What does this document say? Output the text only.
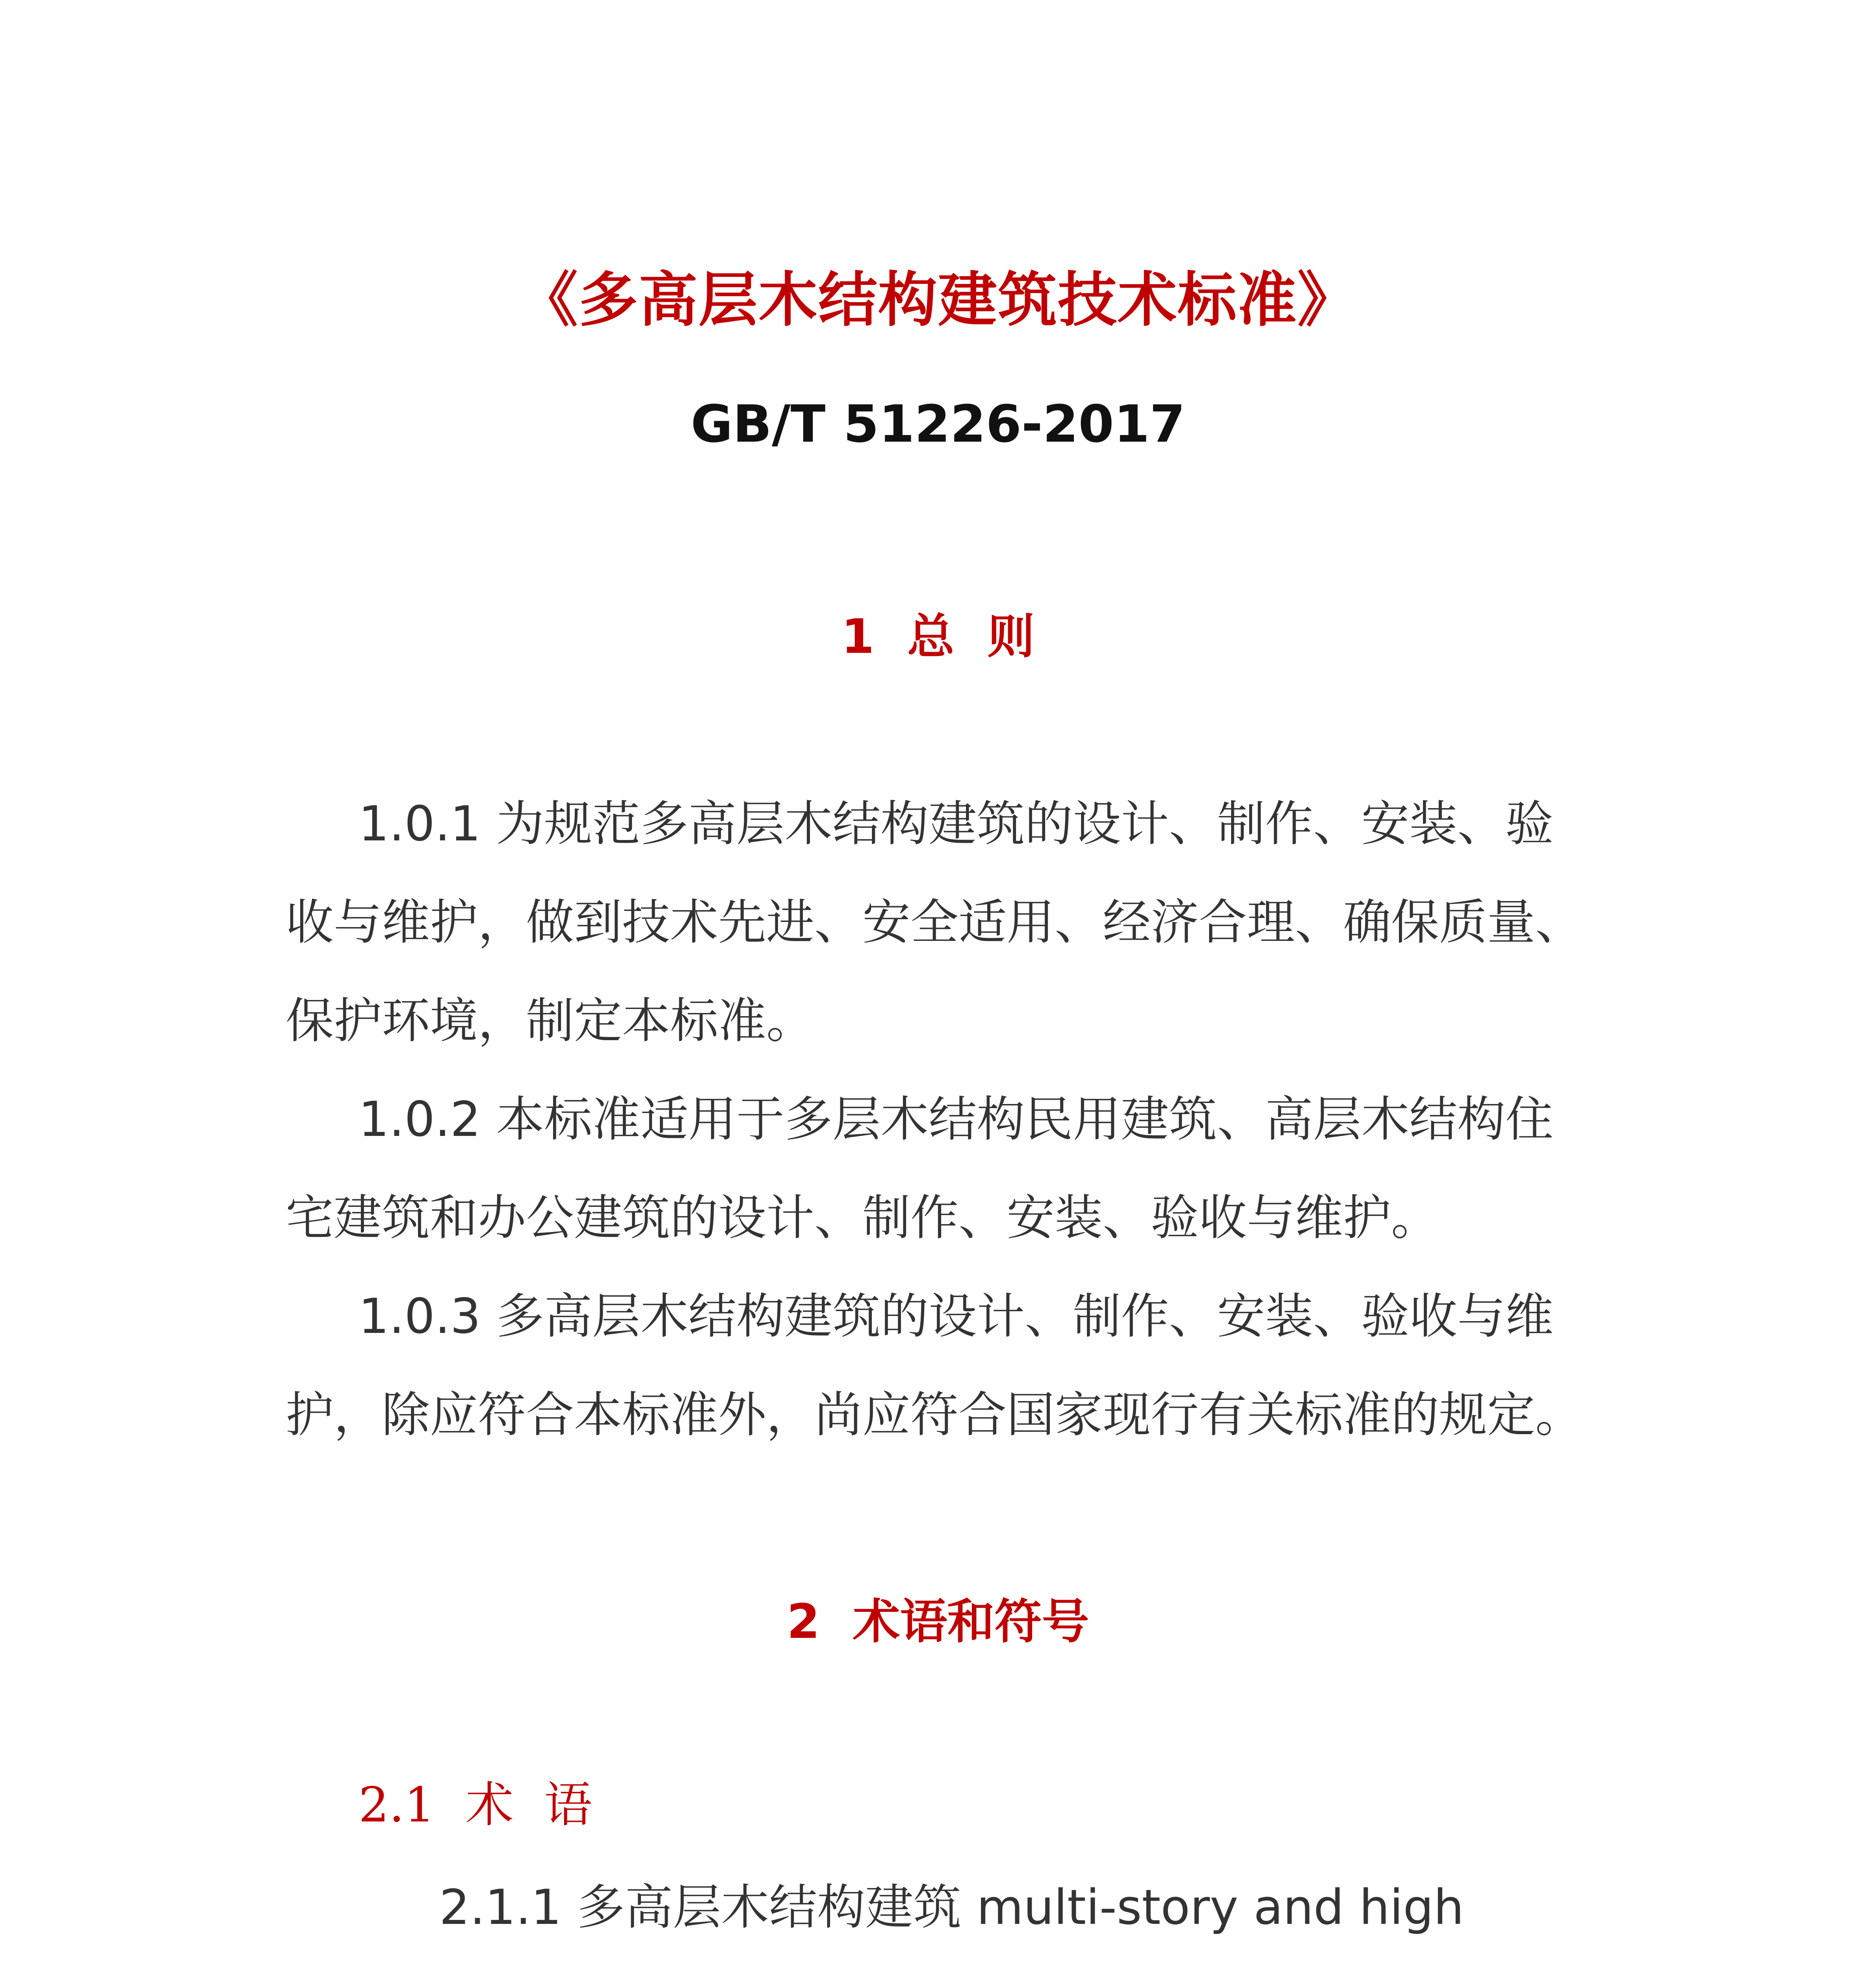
《多高层木结构建筑技术标准》
GB/T 51226-2017
1  总  则
1.0.1 为规范多高层木结构建筑的设计、制作、安装、验
收与维护，做到技术先进、安全适用、经济合理、确保质量、
保护环境，制定本标准。
1.0.2 本标准适用于多层木结构民用建筑、高层木结构住
宅建筑和办公建筑的设计、制作、安装、验收与维护。
1.0.3 多高层木结构建筑的设计、制作、安装、验收与维
护，除应符合本标准外，尚应符合国家现行有关标准的规定。
2  术语和符号
2.1  术  语
2.1.1 多高层木结构建筑 multi-story and high
